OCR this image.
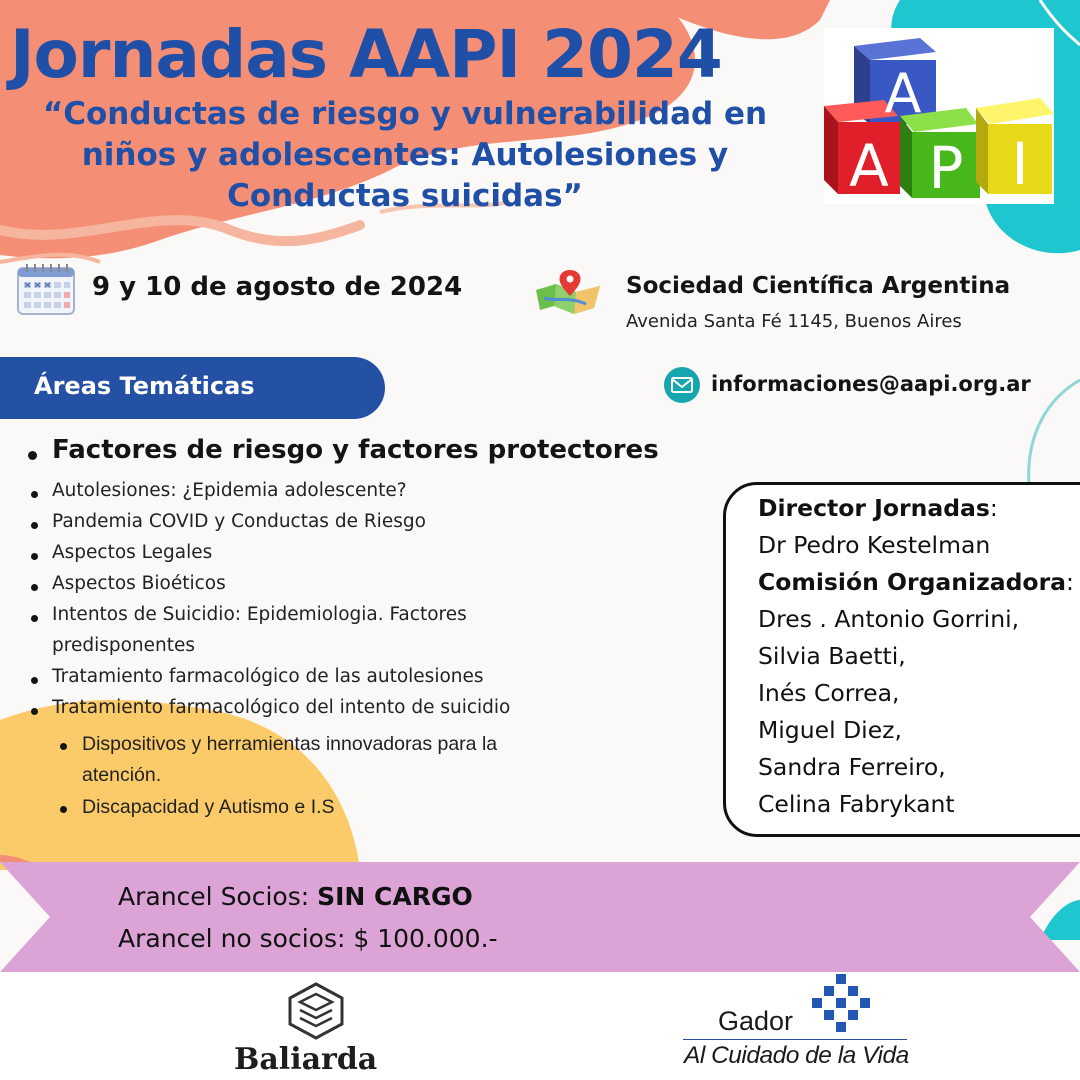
Jornadas AAPI 2024
“Conductas de riesgo y vulnerabilidad en niños y adolescentes: Autolesiones y Conductas suicidas”
A
A P I
9 y 10 de agosto de 2024	Sociedad Científica Argentina
Avenida Santa Fé 1145, Buenos Aires
Áreas Temáticas	informaciones@aapi.org.ar
Factores de riesgo y factores protectores
Autolesiones: ¿Epidemia adolescente?
Pandemia COVID y Conductas de Riesgo
Aspectos Legales
Aspectos Bioéticos
Intentos de Suicidio: Epidemiologia. Factores
predisponentes
Tratamiento farmacológico de las autolesiones
Tratamiento farmacológico del intento de suicidio
Dispositivos y herramientas innovadoras para la
atención.
Discapacidad y Autismo e I.S
Director Jornadas:
Dr Pedro Kestelman
Comisión Organizadora:
Dres . Antonio Gorrini,
Silvia Baetti,
Inés Correa,
Miguel Diez,
Sandra Ferreiro,
Celina Fabrykant
Arancel Socios: SIN CARGO
Arancel no socios: $ 100.000.-
Baliarda
Gador
Al Cuidado de la Vida
